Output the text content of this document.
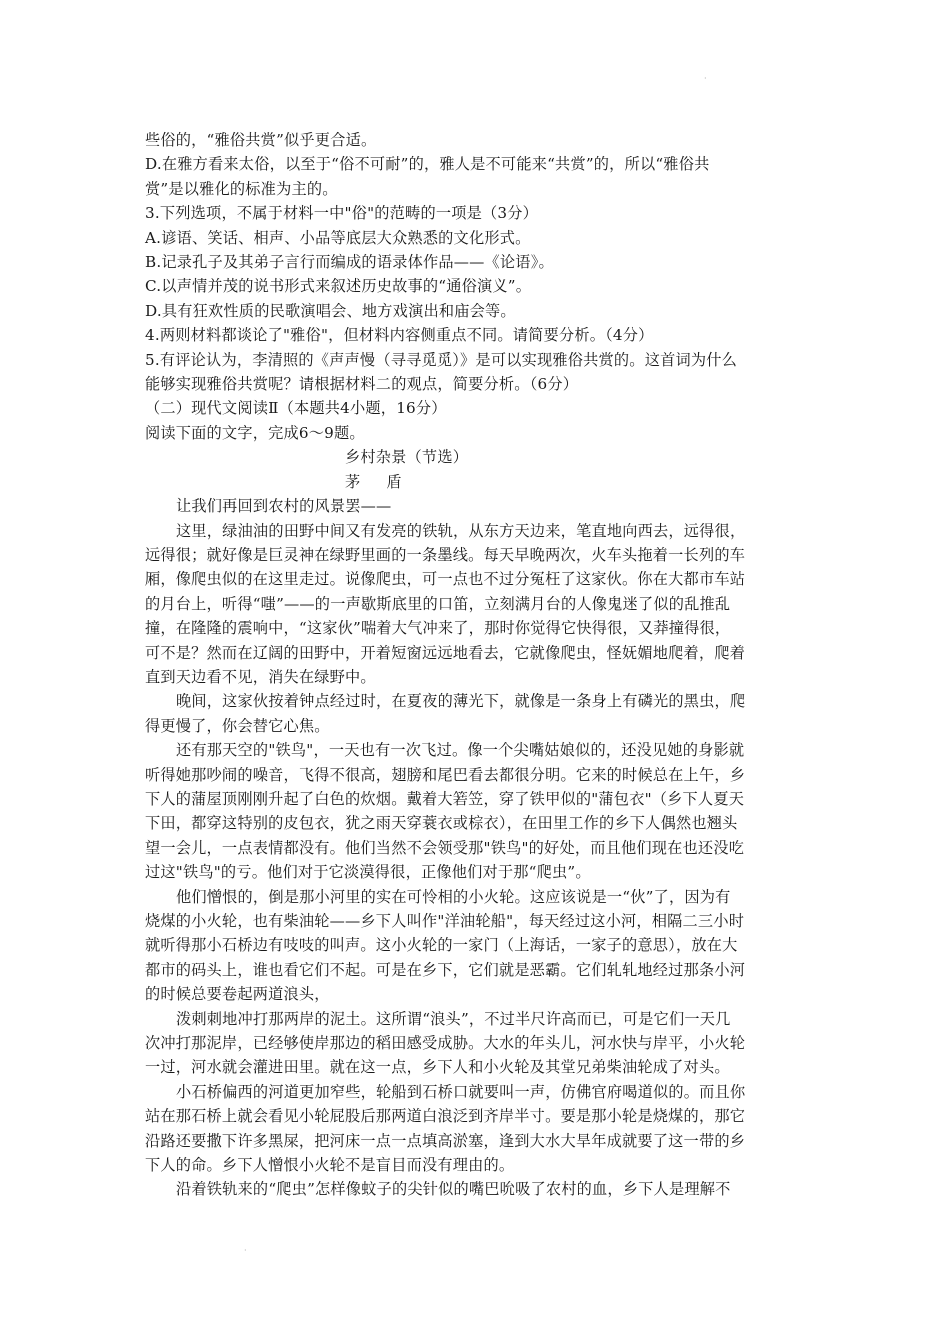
·
些俗的，“雅俗共赏”似乎更合适。
D.在雅方看来太俗，以至于“俗不可耐”的，雅人是不可能来“共赏”的，所以“雅俗共
赏”是以雅化的标准为主的。
3.下列选项，不属于材料一中"俗"的范畴的一项是（3分）
A.谚语、笑话、相声、小品等底层大众熟悉的文化形式。
B.记录孔子及其弟子言行而编成的语录体作品——《论语》。
C.以声情并茂的说书形式来叙述历史故事的“通俗演义”。
D.具有狂欢性质的民歌演唱会、地方戏演出和庙会等。
4.两则材料都谈论了"雅俗"，但材料内容侧重点不同。请简要分析。（4分）
5.有评论认为，李清照的《声声慢（寻寻觅觅）》是可以实现雅俗共赏的。这首词为什么
能够实现雅俗共赏呢？请根据材料二的观点，简要分析。（6分）
（二）现代文阅读Ⅱ（本题共4小题，16分）
阅读下面的文字，完成6～9题。
乡村杂景（节选）
茅 盾
让我们再回到农村的风景罢——
这里，绿油油的田野中间又有发亮的铁轨，从东方天边来，笔直地向西去，远得很，
远得很；就好像是巨灵神在绿野里画的一条墨线。每天早晚两次，火车头拖着一长列的车
厢，像爬虫似的在这里走过。说像爬虫，可一点也不过分冤枉了这家伙。你在大都市车站
的月台上，听得“嗤”——的一声歇斯底里的口笛，立刻满月台的人像鬼迷了似的乱推乱
撞，在隆隆的震响中，“这家伙”喘着大气冲来了，那时你觉得它快得很，又莽撞得很，
可不是？然而在辽阔的田野中，开着短窗远远地看去，它就像爬虫，怪妩媚地爬着，爬着
直到天边看不见，消失在绿野中。
晚间，这家伙按着钟点经过时，在夏夜的薄光下，就像是一条身上有磷光的黑虫，爬
得更慢了，你会替它心焦。
还有那天空的"铁鸟"，一天也有一次飞过。像一个尖嘴姑娘似的，还没见她的身影就
听得她那吵闹的噪音，飞得不很高，翅膀和尾巴看去都很分明。它来的时候总在上午，乡
下人的蒲屋顶刚刚升起了白色的炊烟。戴着大箬笠，穿了铁甲似的"蒲包衣"（乡下人夏天
下田，都穿这特别的皮包衣，犹之雨天穿蓑衣或棕衣），在田里工作的乡下人偶然也翘头
望一会儿，一点表情都没有。他们当然不会领受那"铁鸟"的好处，而且他们现在也还没吃
过这"铁鸟"的亏。他们对于它淡漠得很，正像他们对于那“爬虫”。
他们憎恨的，倒是那小河里的实在可怜相的小火轮。这应该说是一“伙”了，因为有
烧煤的小火轮，也有柴油轮——乡下人叫作"洋油轮船"，每天经过这小河，相隔二三小时
就听得那小石桥边有吱吱的叫声。这小火轮的一家门（上海话，一家子的意思），放在大
都市的码头上，谁也看它们不起。可是在乡下，它们就是恶霸。它们轧轧地经过那条小河
的时候总要卷起两道浪头，
泼刺刺地冲打那两岸的泥土。这所谓“浪头”，不过半尺许高而已，可是它们一天几
次冲打那泥岸，已经够使岸那边的稻田感受成胁。大水的年头儿，河水快与岸平，小火轮
一过，河水就会灌进田里。就在这一点，乡下人和小火轮及其堂兄弟柴油轮成了对头。
小石桥偏西的河道更加窄些，轮船到石桥口就要叫一声，仿佛官府喝道似的。而且你
站在那石桥上就会看见小轮屁股后那两道白浪泛到齐岸半寸。要是那小轮是烧煤的，那它
沿路还要撒下许多黑屎，把河床一点一点填高淤塞，逢到大水大旱年成就要了这一带的乡
下人的命。乡下人憎恨小火轮不是盲目而没有理由的。
沿着铁轨来的“爬虫”怎样像蚊子的尖针似的嘴巴吮吸了农村的血，乡下人是理解不
·
